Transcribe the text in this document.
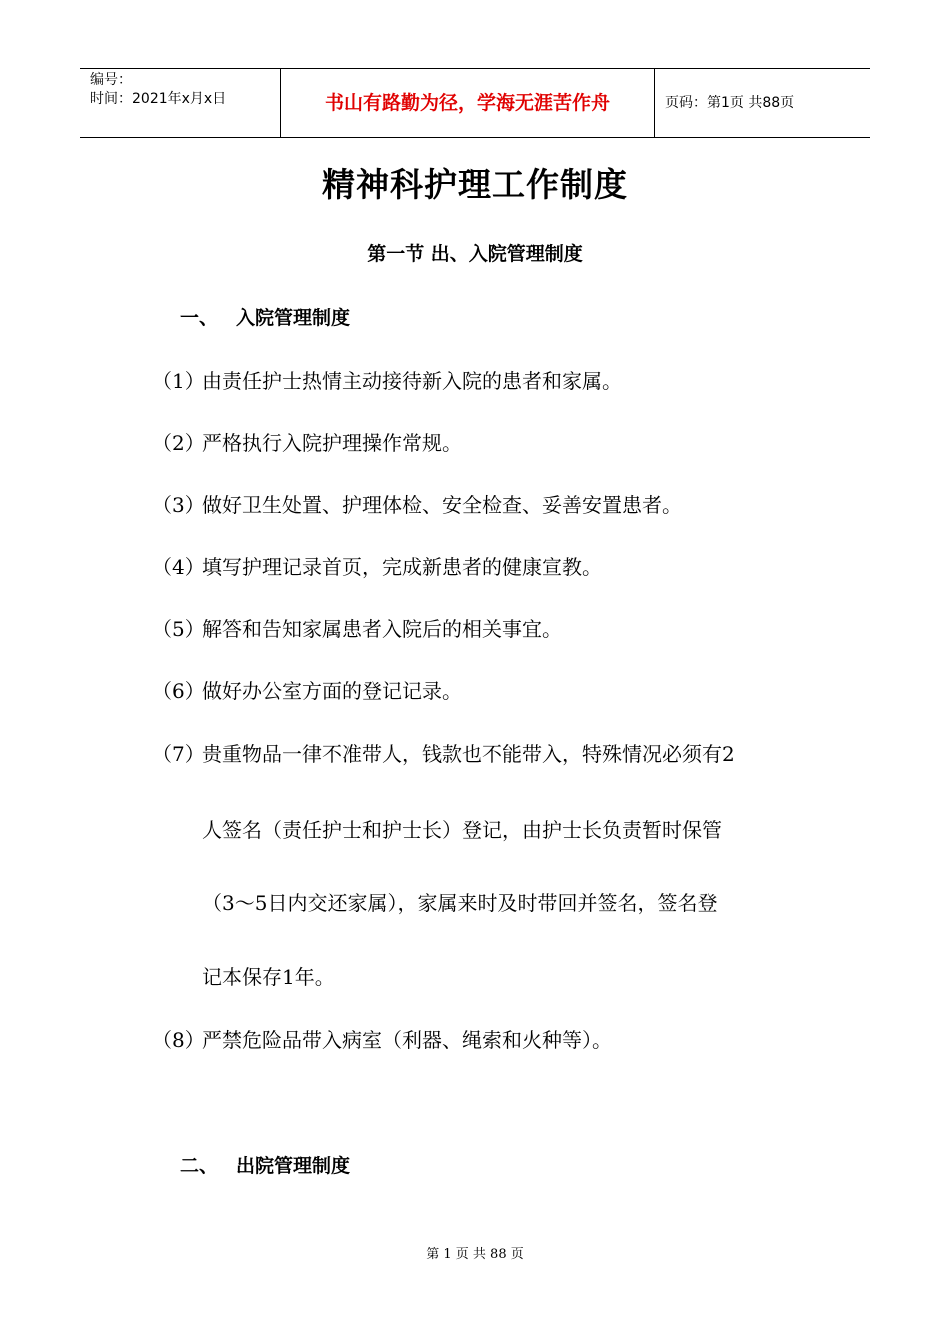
编号：
时间：2021年x月x日	书山有路勤为径，学海无涯苦作舟	页码：第1页 共88页
精神科护理工作制度
第一节 出、入院管理制度
一、 入院管理制度
（1）
由责任护士热情主动接待新入院的患者和家属。
（2）
严格执行入院护理操作常规。
（3）
做好卫生处置、护理体检、安全检查、妥善安置患者。
（4）
填写护理记录首页，完成新患者的健康宣教。
（5）
解答和告知家属患者入院后的相关事宜。
（6）
做好办公室方面的登记记录。
（7）
贵重物品一律不准带人，钱款也不能带入，特殊情况必须有2
人签名（责任护士和护士长）登记，由护士长负责暂时保管
（3～5日内交还家属），家属来时及时带回并签名，签名登
记本保存1年。
（8）
严禁危险品带入病室（利器、绳索和火种等）。
二、 出院管理制度
第 1 页 共 88 页
